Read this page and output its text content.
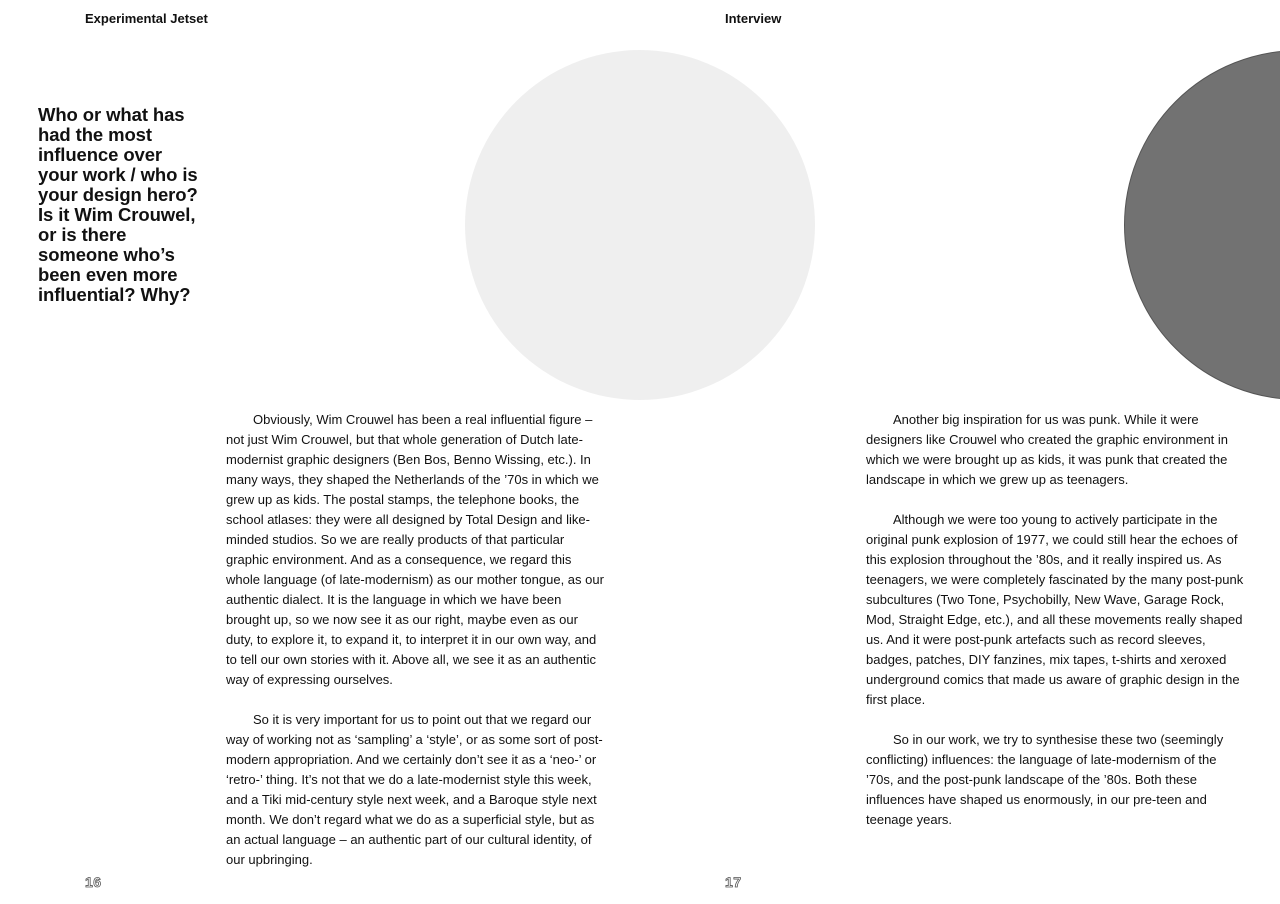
Experimental Jetset	Interview
Who or what has had the most influence over your work / who is your design hero? Is it Wim Crouwel, or is there someone who’s been even more influential? Why?

Obviously, Wim Crouwel has been a real influential figure – not just Wim Crouwel, but that whole generation of Dutch late-modernist graphic designers (Ben Bos, Benno Wissing, etc.). In many ways, they shaped the Netherlands of the ’70s in which we grew up as kids. The postal stamps, the telephone books, the school atlases: they were all designed by Total Design and like-minded studios. So we are really products of that particular graphic environment. And as a consequence, we regard this whole language (of late-modernism) as our mother tongue, as our authentic dialect. It is the language in which we have been brought up, so we now see it as our right, maybe even as our duty, to explore it, to expand it, to interpret it in our own way, and to tell our own stories with it. Above all, we see it as an authentic way of expressing ourselves.

So it is very important for us to point out that we regard our way of working not as ‘sampling’ a ‘style’, or as some sort of post-modern appropriation. And we certainly don’t see it as a ‘neo-’ or ‘retro-’ thing. It’s not that we do a late-modernist style this week, and a Tiki mid-century style next week, and a Baroque style next month. We don’t regard what we do as a superficial style, but as an actual language – an authentic part of our cultural identity, of our upbringing.

Another big inspiration for us was punk. While it were designers like Crouwel who created the graphic environment in which we were brought up as kids, it was punk that created the landscape in which we grew up as teenagers.

Although we were too young to actively participate in the original punk explosion of 1977, we could still hear the echoes of this explosion throughout the ’80s, and it really inspired us. As teenagers, we were completely fascinated by the many post-punk subcultures (Two Tone, Psychobilly, New Wave, Garage Rock, Mod, Straight Edge, etc.), and all these movements really shaped us. And it were post-punk artefacts such as record sleeves, badges, patches, DIY fanzines, mix tapes, t-shirts and xeroxed underground comics that made us aware of graphic design in the first place.

So in our work, we try to synthesise these two (seemingly conflicting) influences: the language of late-modernism of the ’70s, and the post-punk landscape of the ’80s. Both these influences have shaped us enormously, in our pre-teen and teenage years.

16	17
